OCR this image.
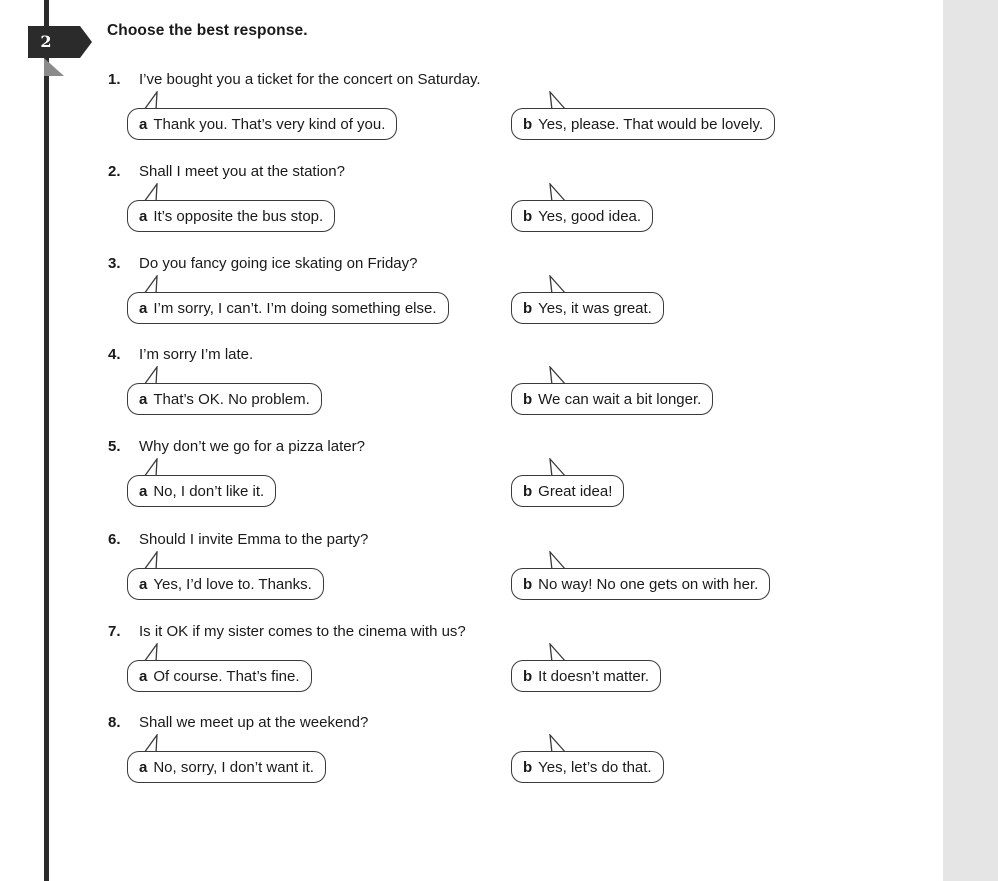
2
Choose the best response.
1. I’ve bought you a ticket for the concert on Saturday.
a Thank you. That’s very kind of you.	b Yes, please. That would be lovely.
2. Shall I meet you at the station?
a It’s opposite the bus stop.	b Yes, good idea.
3. Do you fancy going ice skating on Friday?
a I’m sorry, I can’t. I’m doing something else.	b Yes, it was great.
4. I’m sorry I’m late.
a That’s OK. No problem.	b We can wait a bit longer.
5. Why don’t we go for a pizza later?
a No, I don’t like it.	b Great idea!
6. Should I invite Emma to the party?
a Yes, I’d love to. Thanks.	b No way! No one gets on with her.
7. Is it OK if my sister comes to the cinema with us?
a Of course. That’s fine.	b It doesn’t matter.
8. Shall we meet up at the weekend?
a No, sorry, I don’t want it.	b Yes, let’s do that.
